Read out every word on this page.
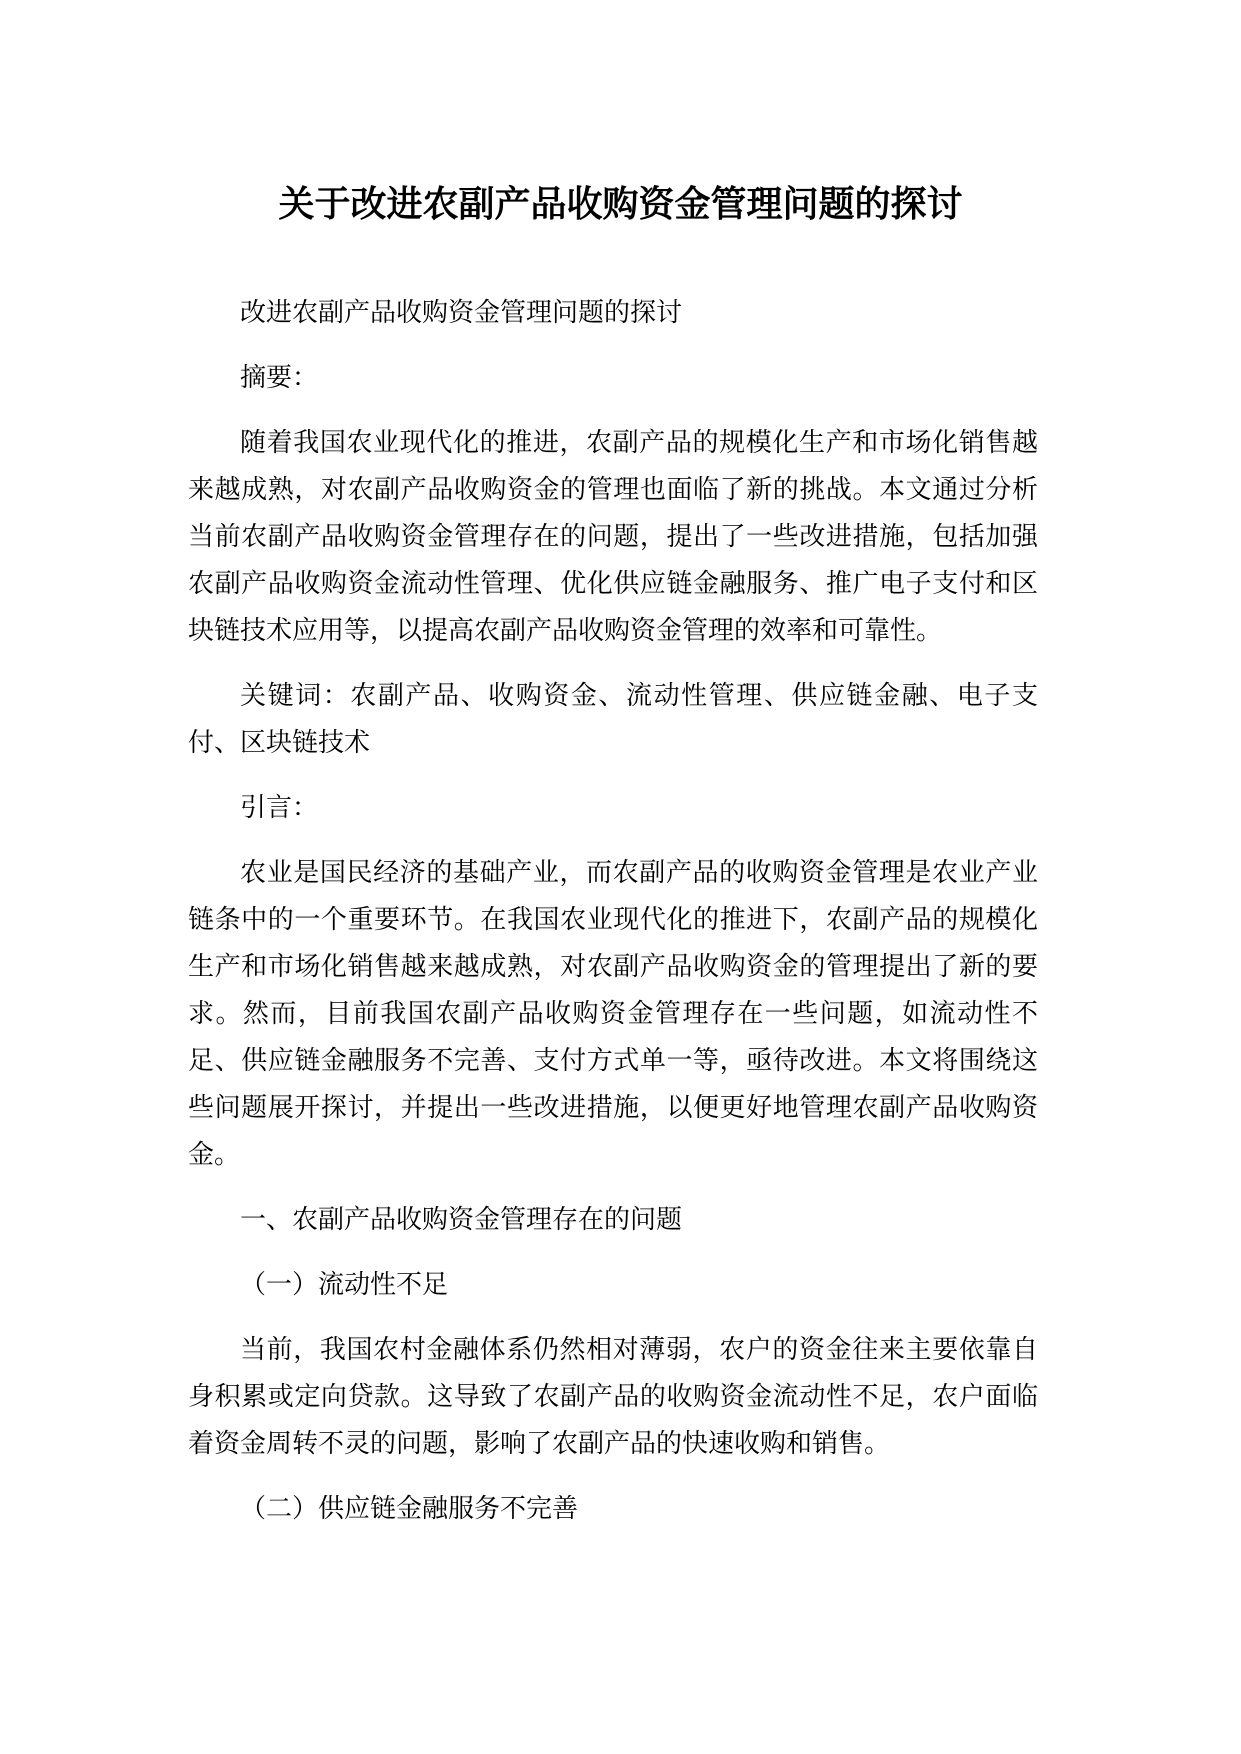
关于改进农副产品收购资金管理问题的探讨

改进农副产品收购资金管理问题的探讨

摘要：

随着我国农业现代化的推进，农副产品的规模化生产和市场化销售越来越成熟，对农副产品收购资金的管理也面临了新的挑战。本文通过分析当前农副产品收购资金管理存在的问题，提出了一些改进措施，包括加强农副产品收购资金流动性管理、优化供应链金融服务、推广电子支付和区块链技术应用等，以提高农副产品收购资金管理的效率和可靠性。

关键词：农副产品、收购资金、流动性管理、供应链金融、电子支付、区块链技术

引言：

农业是国民经济的基础产业，而农副产品的收购资金管理是农业产业链条中的一个重要环节。在我国农业现代化的推进下，农副产品的规模化生产和市场化销售越来越成熟，对农副产品收购资金的管理提出了新的要求。然而，目前我国农副产品收购资金管理存在一些问题，如流动性不足、供应链金融服务不完善、支付方式单一等，亟待改进。本文将围绕这些问题展开探讨，并提出一些改进措施，以便更好地管理农副产品收购资金。

一、农副产品收购资金管理存在的问题

（一）流动性不足

当前，我国农村金融体系仍然相对薄弱，农户的资金往来主要依靠自身积累或定向贷款。这导致了农副产品的收购资金流动性不足，农户面临着资金周转不灵的问题，影响了农副产品的快速收购和销售。

（二）供应链金融服务不完善
